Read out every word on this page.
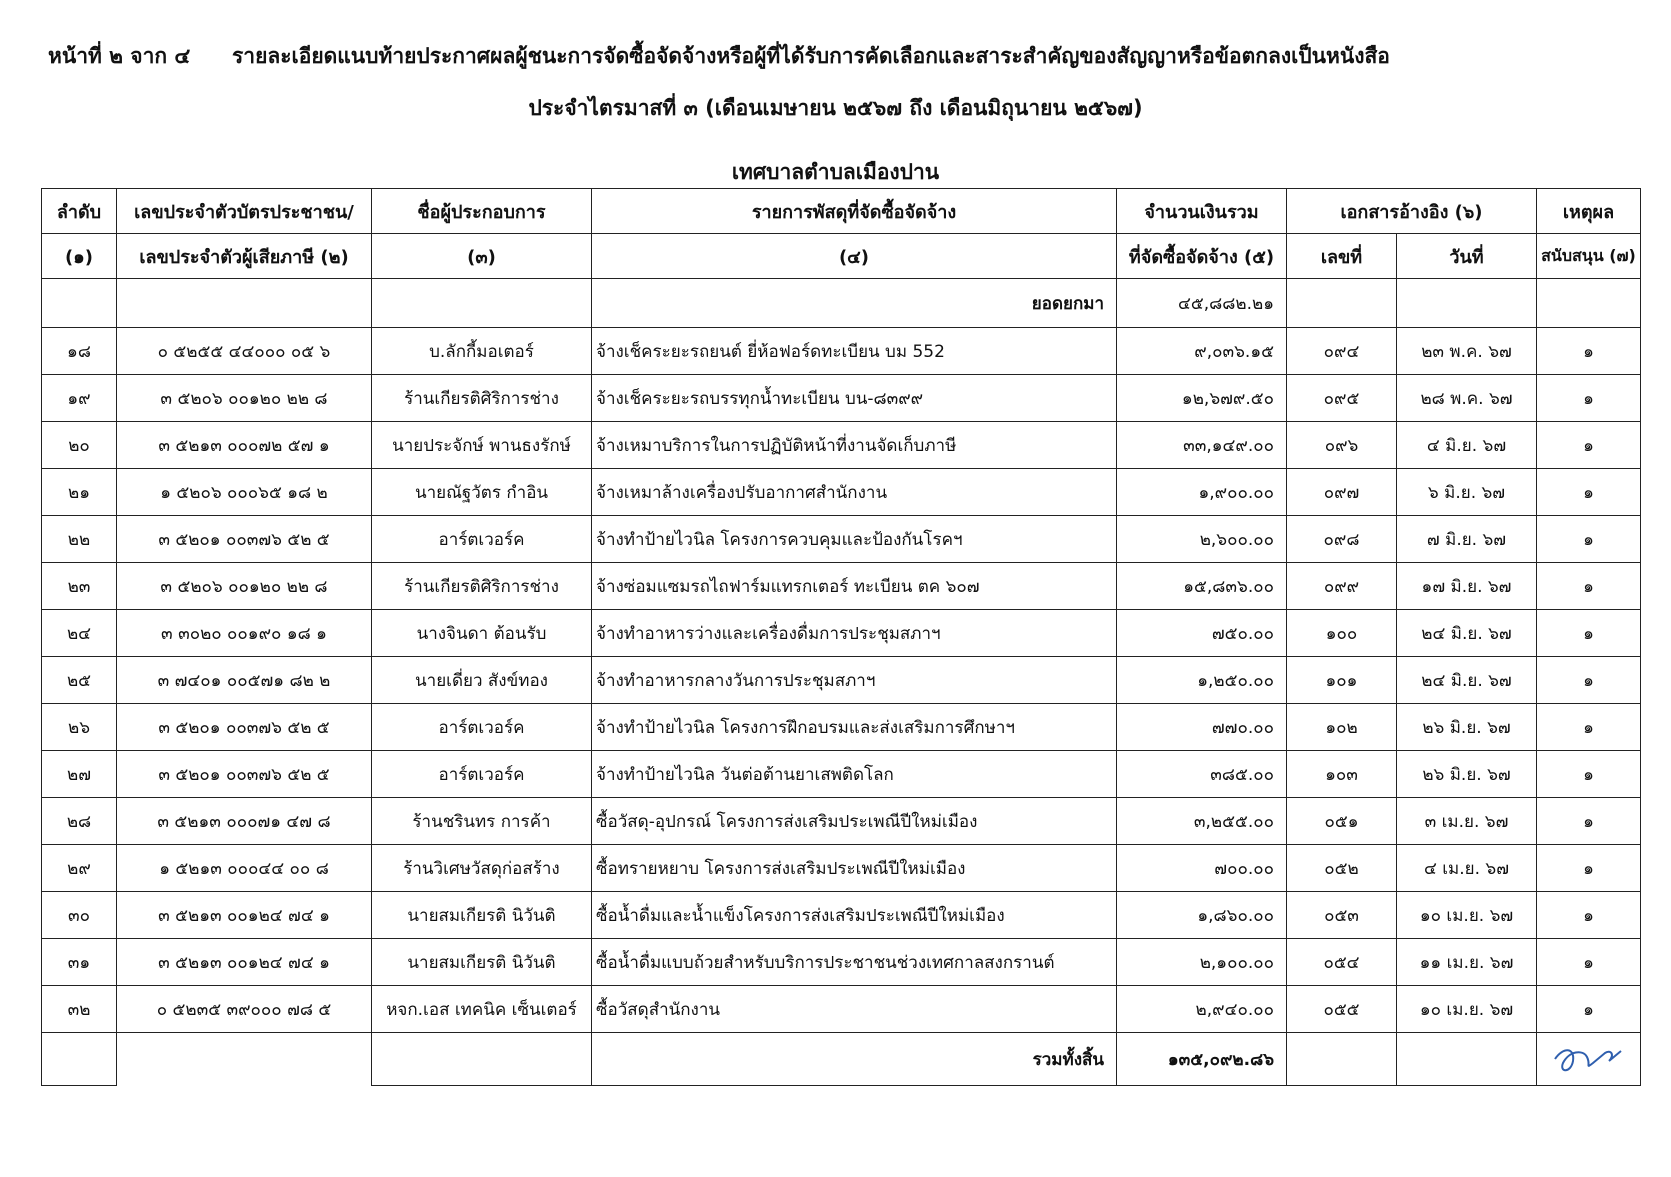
หน้าที่ ๒ จาก ๔ รายละเอียดแนบท้ายประกาศผลผู้ชนะการจัดซื้อจัดจ้างหรือผู้ที่ได้รับการคัดเลือกและสาระสำคัญของสัญญาหรือข้อตกลงเป็นหนังสือ
ประจำไตรมาสที่ ๓ (เดือนเมษายน ๒๕๖๗ ถึง เดือนมิถุนายน ๒๕๖๗)
เทศบาลตำบลเมืองปาน
ลำดับ	เลขประจำตัวบัตรประชาชน/	ชื่อผู้ประกอบการ	รายการพัสดุที่จัดซื้อจัดจ้าง	จำนวนเงินรวม	เอกสารอ้างอิง (๖)		เหตุผล
(๑)	เลขประจำตัวผู้เสียภาษี (๒)	(๓)	(๔)	ที่จัดซื้อจัดจ้าง (๕)	เลขที่	วันที่	สนับสนุน (๗)
			ยอดยกมา	๔๕,๘๘๒.๒๑			
๑๘	๐ ๕๒๕๕ ๔๔๐๐๐ ๐๕ ๖	บ.ลักกี้มอเตอร์	จ้างเช็คระยะรถยนต์ ยี่ห้อฟอร์ดทะเบียน บม 552	๙,๐๓๖.๑๕	๐๙๔	๒๓ พ.ค. ๖๗	๑
๑๙	๓ ๕๒๐๖ ๐๐๑๒๐ ๒๒ ๘	ร้านเกียรติศิริการช่าง	จ้างเช็คระยะรถบรรทุกน้ำทะเบียน บน-๘๓๙๙	๑๒,๖๗๙.๕๐	๐๙๕	๒๘ พ.ค. ๖๗	๑
๒๐	๓ ๕๒๑๓ ๐๐๐๗๒ ๕๗ ๑	นายประจักษ์ พานธงรักษ์	จ้างเหมาบริการในการปฏิบัติหน้าที่งานจัดเก็บภาษี	๓๓,๑๔๙.๐๐	๐๙๖	๔ มิ.ย. ๖๗	๑
๒๑	๑ ๕๒๐๖ ๐๐๐๖๕ ๑๘ ๒	นายณัฐวัตร กำอิน	จ้างเหมาล้างเครื่องปรับอากาศสำนักงาน	๑,๙๐๐.๐๐	๐๙๗	๖ มิ.ย. ๖๗	๑
๒๒	๓ ๕๒๐๑ ๐๐๓๗๖ ๕๒ ๕	อาร์ตเวอร์ค	จ้างทำป้ายไวนิล โครงการควบคุมและป้องกันโรคฯ	๒,๖๐๐.๐๐	๐๙๘	๗ มิ.ย. ๖๗	๑
๒๓	๓ ๕๒๐๖ ๐๐๑๒๐ ๒๒ ๘	ร้านเกียรติศิริการช่าง	จ้างซ่อมแซมรถไถฟาร์มแทรกเตอร์ ทะเบียน ตค ๖๐๗	๑๕,๘๓๖.๐๐	๐๙๙	๑๗ มิ.ย. ๖๗	๑
๒๔	๓ ๓๐๒๐ ๐๐๑๙๐ ๑๘ ๑	นางจินดา ต้อนรับ	จ้างทำอาหารว่างและเครื่องดื่มการประชุมสภาฯ	๗๕๐.๐๐	๑๐๐	๒๔ มิ.ย. ๖๗	๑
๒๕	๓ ๗๔๐๑ ๐๐๕๗๑ ๘๒ ๒	นายเดี่ยว สังข์ทอง	จ้างทำอาหารกลางวันการประชุมสภาฯ	๑,๒๕๐.๐๐	๑๐๑	๒๔ มิ.ย. ๖๗	๑
๒๖	๓ ๕๒๐๑ ๐๐๓๗๖ ๕๒ ๕	อาร์ตเวอร์ค	จ้างทำป้ายไวนิล โครงการฝึกอบรมและส่งเสริมการศึกษาฯ	๗๗๐.๐๐	๑๐๒	๒๖ มิ.ย. ๖๗	๑
๒๗	๓ ๕๒๐๑ ๐๐๓๗๖ ๕๒ ๕	อาร์ตเวอร์ค	จ้างทำป้ายไวนิล วันต่อต้านยาเสพติดโลก	๓๘๕.๐๐	๑๐๓	๒๖ มิ.ย. ๖๗	๑
๒๘	๓ ๕๒๑๓ ๐๐๐๗๑ ๔๗ ๘	ร้านชรินทร การค้า	ซื้อวัสดุ-อุปกรณ์ โครงการส่งเสริมประเพณีปีใหม่เมือง	๓,๒๕๕.๐๐	๐๕๑	๓ เม.ย. ๖๗	๑
๒๙	๑ ๕๒๑๓ ๐๐๐๔๔ ๐๐ ๘	ร้านวิเศษวัสดุก่อสร้าง	ซื้อทรายหยาบ โครงการส่งเสริมประเพณีปีใหม่เมือง	๗๐๐.๐๐	๐๕๒	๔ เม.ย. ๖๗	๑
๓๐	๓ ๕๒๑๓ ๐๐๑๒๔ ๗๔ ๑	นายสมเกียรติ นิวันติ	ซื้อน้ำดื่มและน้ำแข็งโครงการส่งเสริมประเพณีปีใหม่เมือง	๑,๘๖๐.๐๐	๐๕๓	๑๐ เม.ย. ๖๗	๑
๓๑	๓ ๕๒๑๓ ๐๐๑๒๔ ๗๔ ๑	นายสมเกียรติ นิวันติ	ซื้อน้ำดื่มแบบถ้วยสำหรับบริการประชาชนช่วงเทศกาลสงกรานต์	๒,๑๐๐.๐๐	๐๕๔	๑๑ เม.ย. ๖๗	๑
๓๒	๐ ๕๒๓๕ ๓๙๐๐๐ ๗๘ ๕	หจก.เอส เทคนิค เซ็นเตอร์	ซื้อวัสดุสำนักงาน	๒,๙๔๐.๐๐	๐๕๕	๑๐ เม.ย. ๖๗	๑
			รวมทั้งสิ้น	๑๓๕,๐๙๒.๘๖			
